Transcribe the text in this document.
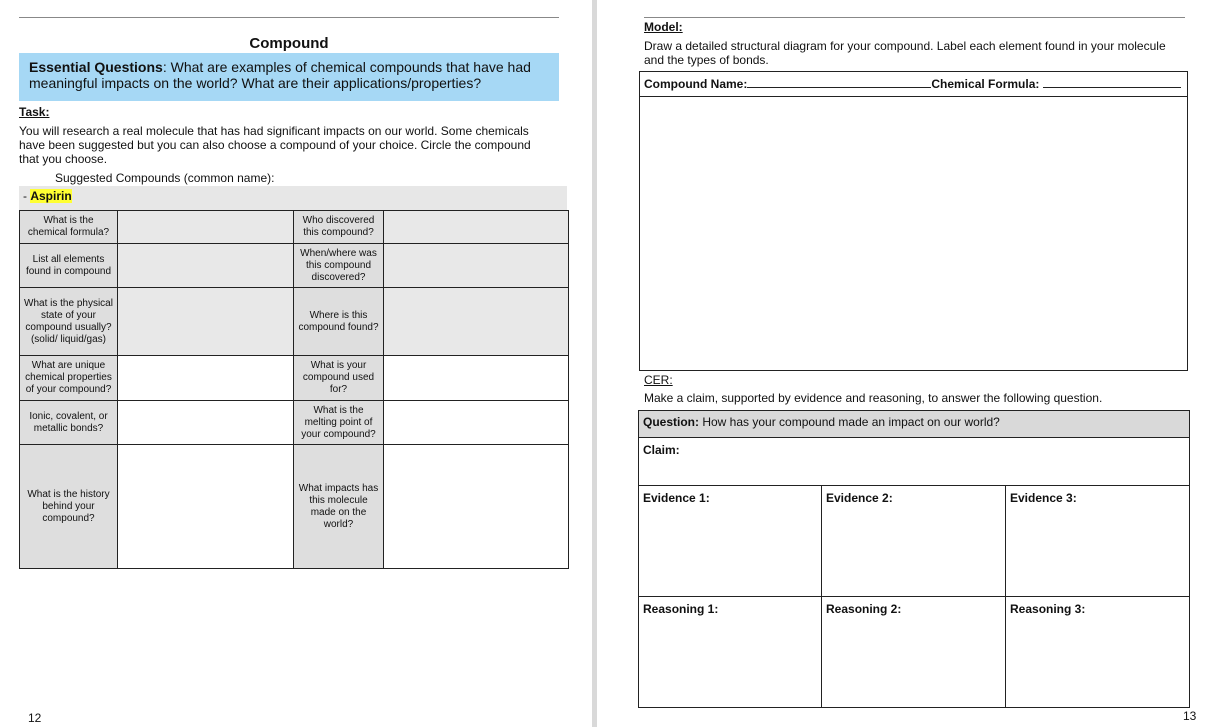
Compound
Essential Questions: What are examples of chemical compounds that have had meaningful impacts on the world? What are their applications/properties?
Task:
You will research a real molecule that has had significant impacts on our world. Some chemicals have been suggested but you can also choose a compound of your choice. Circle the compound that you choose.
Suggested Compounds (common name):
- Aspirin
What is the chemical formula?		Who discovered this compound?	
List all elements found in compound		When/where was this compound discovered?	
What is the physical state of your compound usually? (solid/ liquid/gas)		Where is this compound found?	
What are unique chemical properties of your compound?		What is your compound used for?	
Ionic, covalent, or metallic bonds?		What is the melting point of your compound?	
What is the history behind your compound?		What impacts has this molecule made on the world?	
12
Model:
Draw a detailed structural diagram for your compound. Label each element found in your molecule and the types of bonds.
Compound Name:	Chemical Formula:
CER:
Make a claim, supported by evidence and reasoning, to answer the following question.
Question: How has your compound made an impact on our world?		
Claim:		
Evidence 1:	Evidence 2:	Evidence 3:
Reasoning 1:	Reasoning 2:	Reasoning 3:
13
